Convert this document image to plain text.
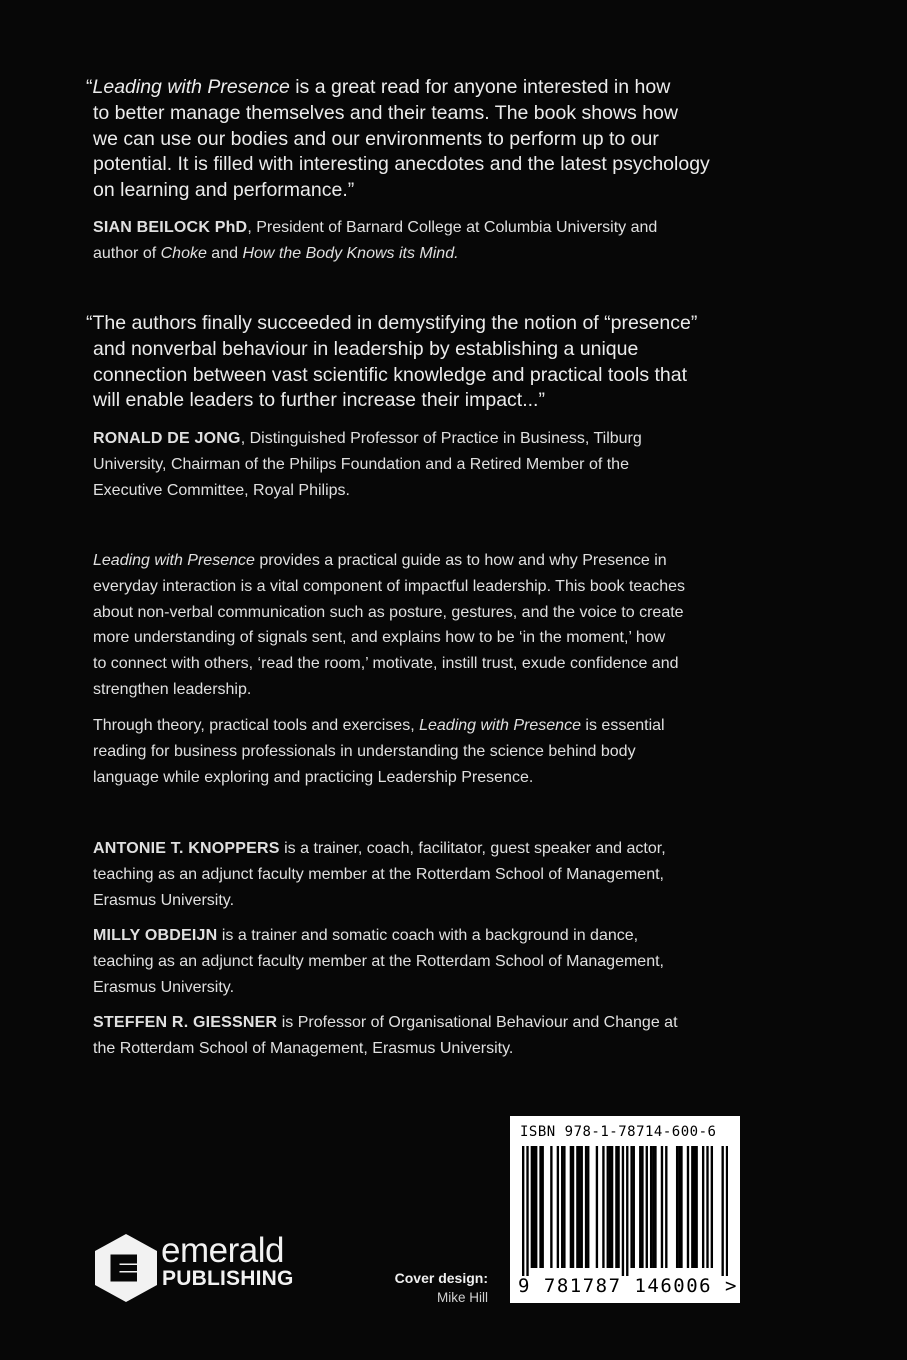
“Leading with Presence is a great read for anyone interested in how
to better manage themselves and their teams. The book shows how
we can use our bodies and our environments to perform up to our
potential. It is filled with interesting anecdotes and the latest psychology
on learning and performance.”

SIAN BEILOCK PhD, President of Barnard College at Columbia University and
author of Choke and How the Body Knows its Mind.

“The authors finally succeeded in demystifying the notion of “presence”
and nonverbal behaviour in leadership by establishing a unique
connection between vast scientific knowledge and practical tools that
will enable leaders to further increase their impact...”

RONALD DE JONG, Distinguished Professor of Practice in Business, Tilburg
University, Chairman of the Philips Foundation and a Retired Member of the
Executive Committee, Royal Philips.

Leading with Presence provides a practical guide as to how and why Presence in
everyday interaction is a vital component of impactful leadership. This book teaches
about non-verbal communication such as posture, gestures, and the voice to create
more understanding of signals sent, and explains how to be ‘in the moment,’ how
to connect with others, ‘read the room,’ motivate, instill trust, exude confidence and
strengthen leadership.

Through theory, practical tools and exercises, Leading with Presence is essential
reading for business professionals in understanding the science behind body
language while exploring and practicing Leadership Presence.

ANTONIE T. KNOPPERS is a trainer, coach, facilitator, guest speaker and actor,
teaching as an adjunct faculty member at the Rotterdam School of Management,
Erasmus University.

MILLY OBDEIJN is a trainer and somatic coach with a background in dance,
teaching as an adjunct faculty member at the Rotterdam School of Management,
Erasmus University.

STEFFEN R. GIESSNER is Professor of Organisational Behaviour and Change at
the Rotterdam School of Management, Erasmus University.

ISBN 978-1-78714-600-6
9 781787 146006 >
emerald
PUBLISHING	Cover design:
Mike Hill
